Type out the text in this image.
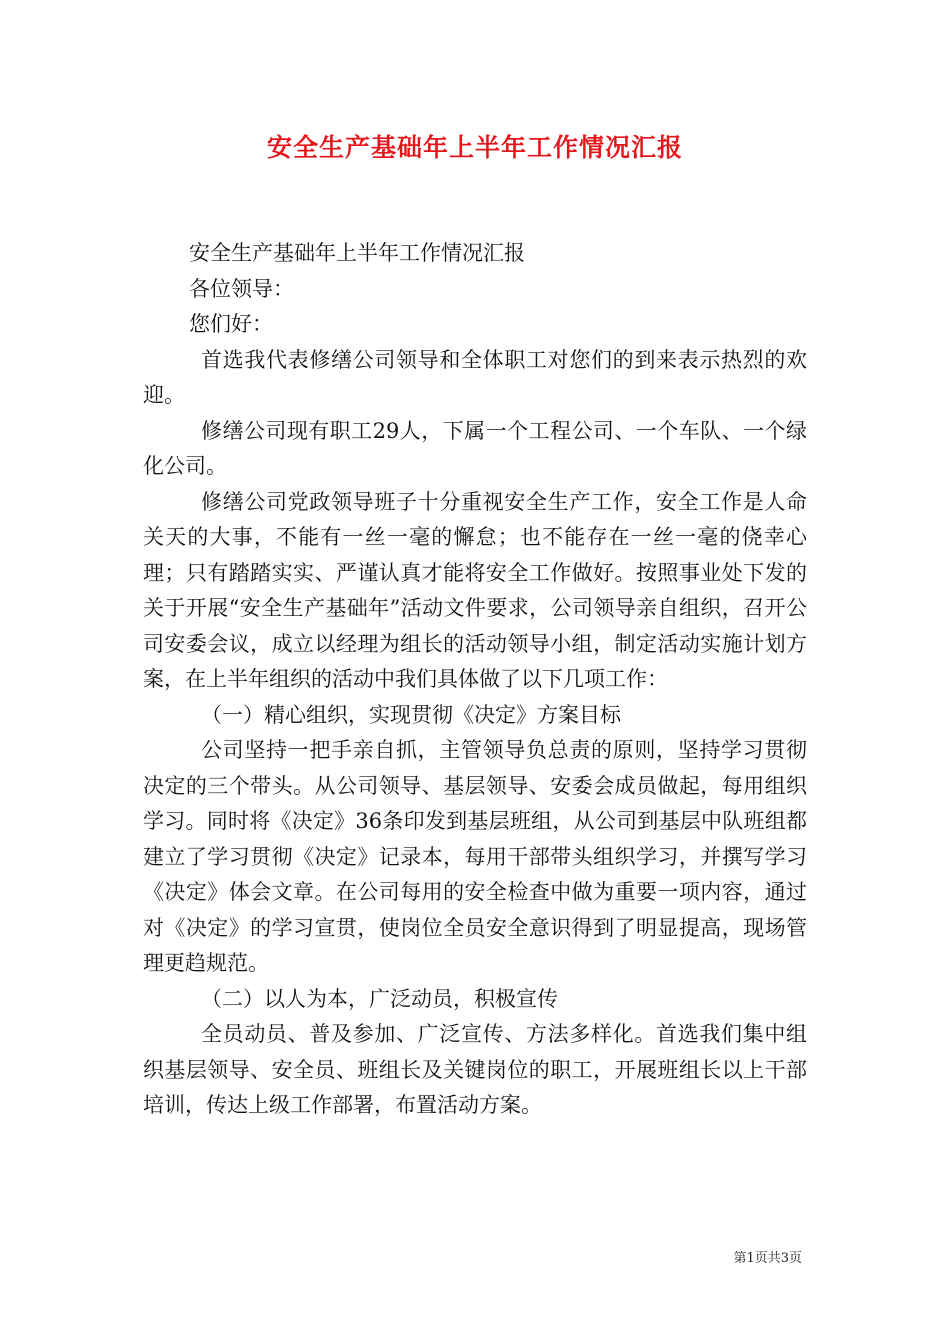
安全生产基础年上半年工作情况汇报

安全生产基础年上半年工作情况汇报

各位领导：

您们好：

首选我代表修缮公司领导和全体职工对您们的到来表示热烈的欢迎。

修缮公司现有职工29人，下属一个工程公司、一个车队、一个绿化公司。

修缮公司党政领导班子十分重视安全生产工作，安全工作是人命关天的大事，不能有一丝一毫的懈怠；也不能存在一丝一毫的侥幸心理；只有踏踏实实、严谨认真才能将安全工作做好。按照事业处下发的关于开展“安全生产基础年”活动文件要求，公司领导亲自组织，召开公司安委会议，成立以经理为组长的活动领导小组，制定活动实施计划方案，在上半年组织的活动中我们具体做了以下几项工作：

（一）精心组织，实现贯彻《决定》方案目标

公司坚持一把手亲自抓，主管领导负总责的原则，坚持学习贯彻决定的三个带头。从公司领导、基层领导、安委会成员做起，每用组织学习。同时将《决定》36条印发到基层班组，从公司到基层中队班组都建立了学习贯彻《决定》记录本，每用干部带头组织学习，并撰写学习《决定》体会文章。在公司每用的安全检查中做为重要一项内容，通过对《决定》的学习宣贯，使岗位全员安全意识得到了明显提高，现场管理更趋规范。

（二）以人为本，广泛动员，积极宣传

全员动员、普及参加、广泛宣传、方法多样化。首选我们集中组织基层领导、安全员、班组长及关键岗位的职工，开展班组长以上干部培训，传达上级工作部署，布置活动方案。

第1页共3页
